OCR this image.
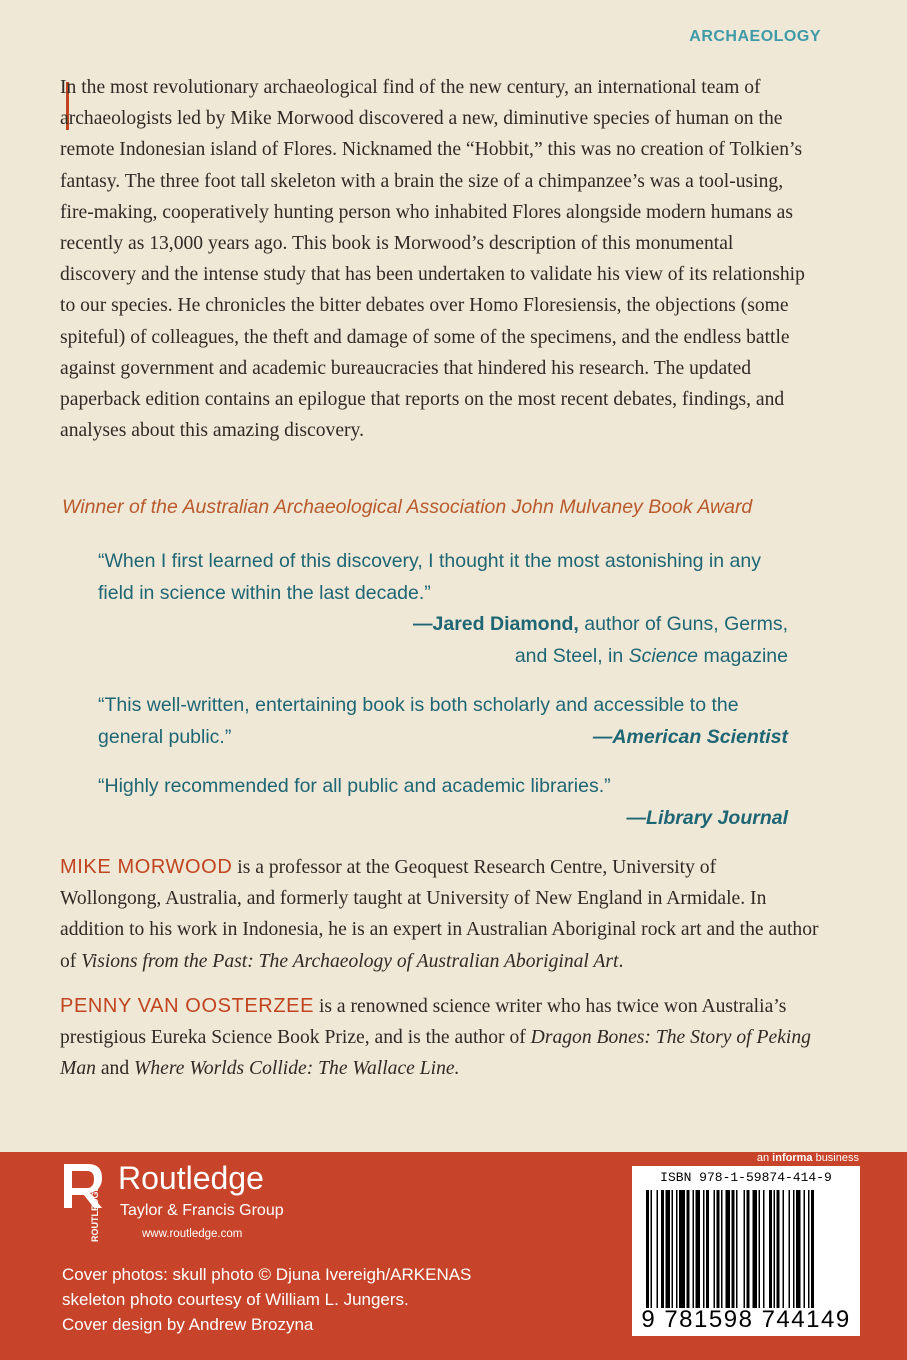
ARCHAEOLOGY
In the most revolutionary archaeological find of the new century, an international team of archaeologists led by Mike Morwood discovered a new, diminutive species of human on the remote Indonesian island of Flores. Nicknamed the “Hobbit,” this was no creation of Tolkien’s fantasy. The three foot tall skeleton with a brain the size of a chimpanzee’s was a tool-using, fire-making, cooperatively hunting person who inhabited Flores alongside modern humans as recently as 13,000 years ago. This book is Morwood’s description of this monumental discovery and the intense study that has been undertaken to validate his view of its relationship to our species. He chronicles the bitter debates over Homo Floresiensis, the objections (some spiteful) of colleagues, the theft and damage of some of the specimens, and the endless battle against government and academic bureaucracies that hindered his research. The updated paperback edition contains an epilogue that reports on the most recent debates, findings, and analyses about this amazing discovery.
Winner of the Australian Archaeological Association John Mulvaney Book Award
“When I first learned of this discovery, I thought it the most astonishing in any field in science within the last decade.”
—Jared Diamond, author of Guns, Germs,
and Steel, in Science magazine
“This well-written, entertaining book is both scholarly and accessible to the general public.”	—American Scientist
“Highly recommended for all public and academic libraries.”
—Library Journal

MIKE MORWOOD is a professor at the Geoquest Research Centre, University of Wollongong, Australia, and formerly taught at University of New England in Armidale. In addition to his work in Indonesia, he is an expert in Australian Aboriginal rock art and the author of Visions from the Past: The Archaeology of Australian Aboriginal Art.

PENNY VAN OOSTERZEE is a renowned science writer who has twice won Australia’s prestigious Eureka Science Book Prize, and is the author of Dragon Bones: The Story of Peking Man and Where Worlds Collide: The Wallace Line.

an informa business
ROUTLEDGE
Routledge
Taylor & Francis Group
www.routledge.com
Cover photos: skull photo © Djuna Ivereigh/ARKENAS
skeleton photo courtesy of William L. Jungers.
Cover design by Andrew Brozyna
ISBN 978-1-59874-414-9
9 781598 744149
